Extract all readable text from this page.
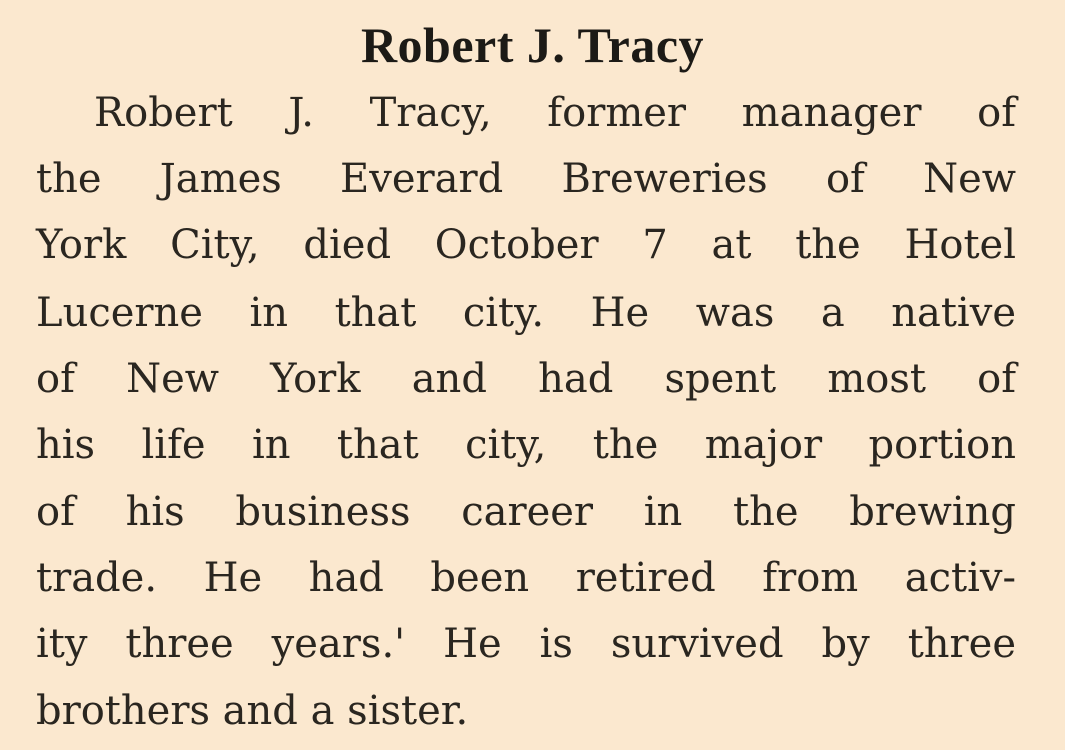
Robert J. Tracy
Robert J. Tracy, former manager of
the James Everard Breweries of New
York City, died October 7 at the Hotel
Lucerne in that city. He was a native
of New York and had spent most of
his life in that city, the major portion
of his business career in the brewing
trade. He had been retired from activ-
ity three years.' He is survived by three
brothers and a sister.
